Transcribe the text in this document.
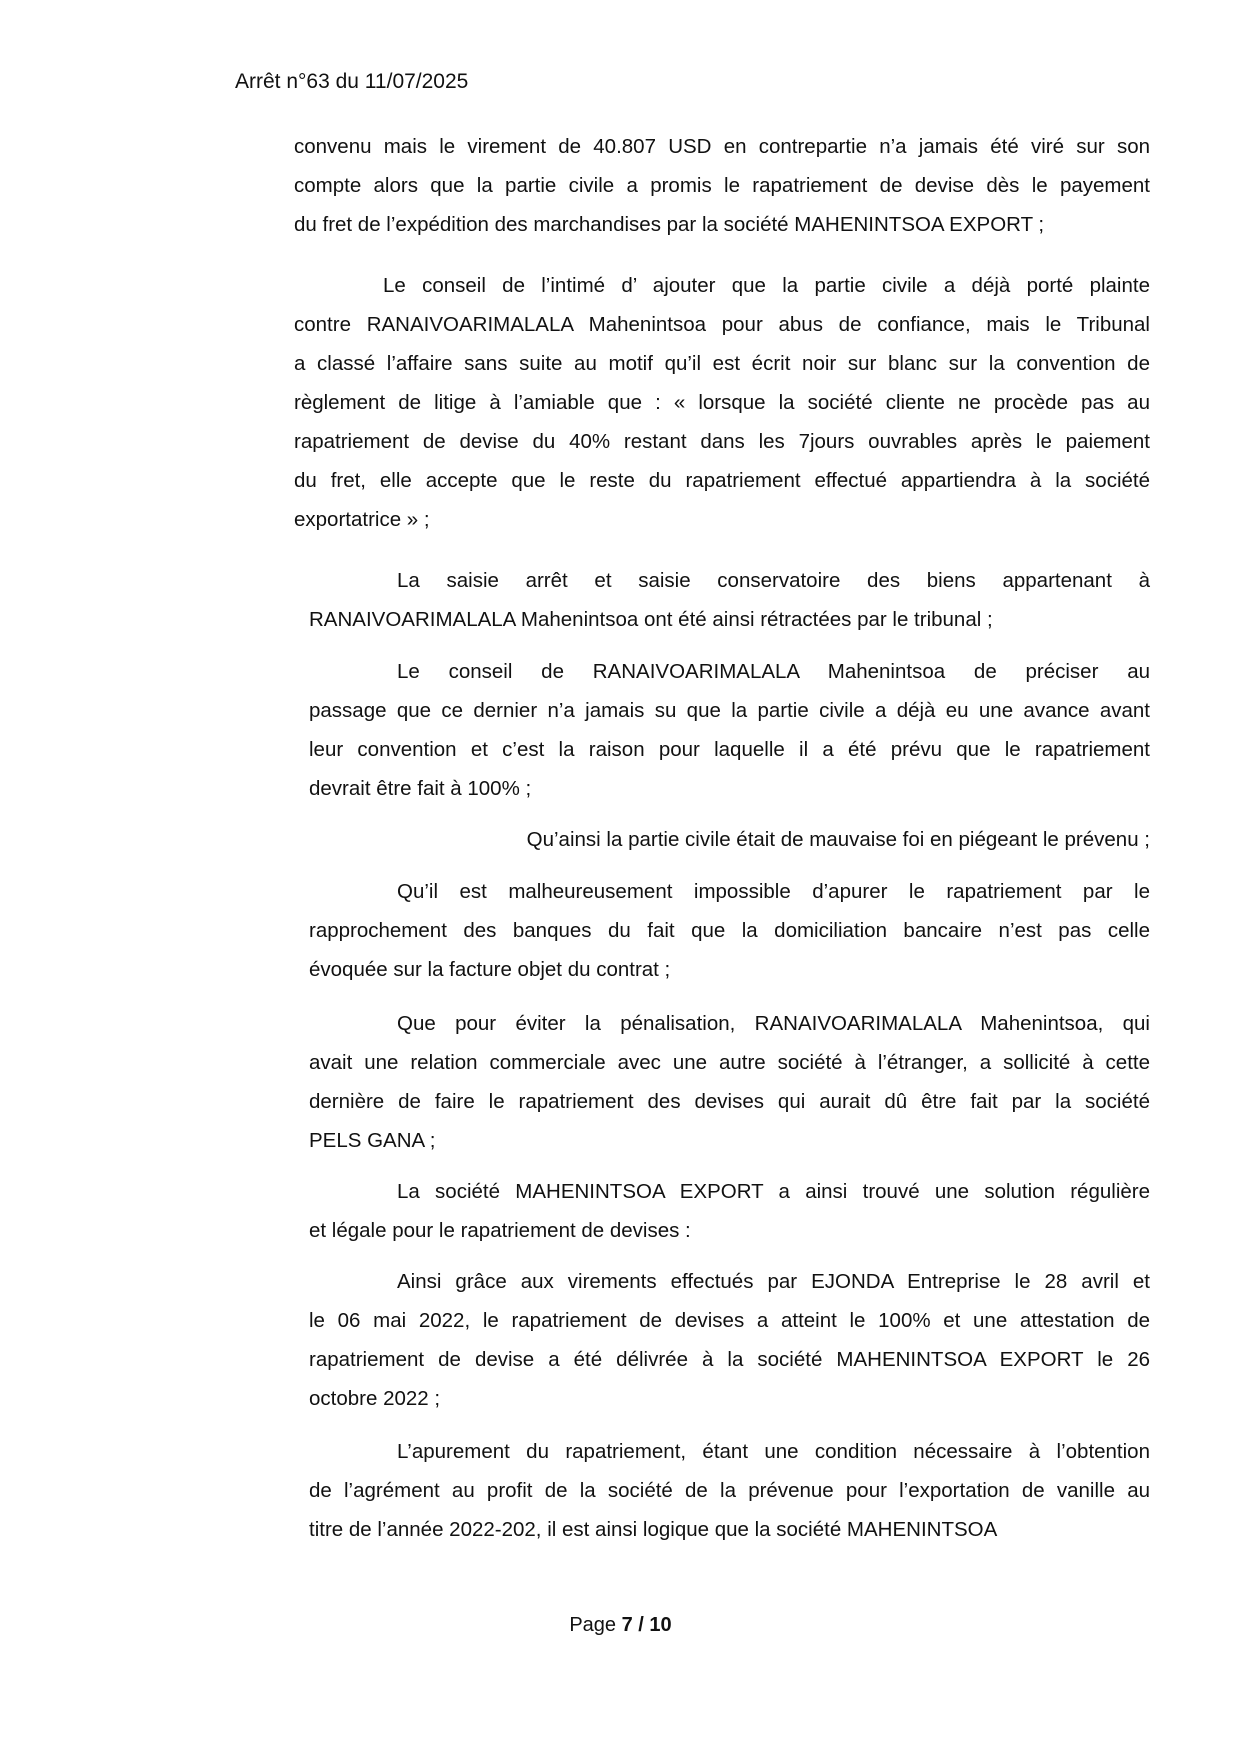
Arrêt n°63 du 11/07/2025
convenu mais le virement de 40.807 USD en contrepartie n’a jamais été viré sur son
compte alors que la partie civile a promis le rapatriement de devise dès le payement
du fret de l’expédition des marchandises par la société MAHENINTSOA EXPORT ;
Le conseil de l’intimé d’ ajouter que la partie civile a déjà porté plainte
contre RANAIVOARIMALALA Mahenintsoa pour abus de confiance, mais le Tribunal
a classé l’affaire sans suite au motif qu’il est écrit noir sur blanc sur la convention de
règlement de litige à l’amiable que : « lorsque la société cliente ne procède pas au
rapatriement de devise du 40% restant dans les 7jours ouvrables après le paiement
du fret, elle accepte que le reste du rapatriement effectué appartiendra à la société
exportatrice » ;
La saisie arrêt et saisie conservatoire des biens appartenant à
RANAIVOARIMALALA Mahenintsoa ont été ainsi rétractées par le tribunal ;
Le conseil de RANAIVOARIMALALA Mahenintsoa de préciser au
passage que ce dernier n’a jamais su que la partie civile a déjà eu une avance avant
leur convention et c’est la raison pour laquelle il a été prévu que le rapatriement
devrait être fait à 100% ;
Qu’ainsi la partie civile était de mauvaise foi en piégeant le prévenu ;
Qu’il est malheureusement impossible d’apurer le rapatriement par le
rapprochement des banques du fait que la domiciliation bancaire n’est pas celle
évoquée sur la facture objet du contrat ;
Que pour éviter la pénalisation, RANAIVOARIMALALA Mahenintsoa, qui
avait une relation commerciale avec une autre société à l’étranger, a sollicité à cette
dernière de faire le rapatriement des devises qui aurait dû être fait par la société
PELS GANA ;
La société MAHENINTSOA EXPORT a ainsi trouvé une solution régulière
et légale pour le rapatriement de devises :
Ainsi grâce aux virements effectués par EJONDA Entreprise le 28 avril et
le 06 mai 2022, le rapatriement de devises a atteint le 100% et une attestation de
rapatriement de devise a été délivrée à la société MAHENINTSOA EXPORT le 26
octobre 2022 ;
L’apurement du rapatriement, étant une condition nécessaire à l’obtention
de l’agrément au profit de la société de la prévenue pour l’exportation de vanille au
titre de l’année 2022-202, il est ainsi logique que la société MAHENINTSOA
Page 7 / 10
